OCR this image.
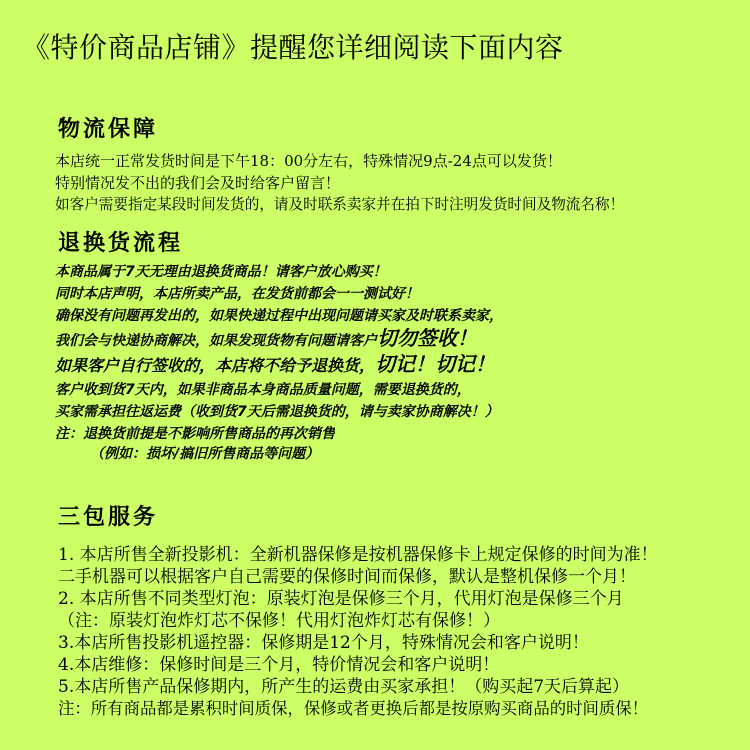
《特价商品店铺》提醒您详细阅读下面内容
物流保障
本店统一正常发货时间是下午18：00分左右，特殊情况9点-24点可以发货！
特别情况发不出的我们会及时给客户留言！
如客户需要指定某段时间发货的，请及时联系卖家并在拍下时注明发货时间及物流名称！
退换货流程
本商品属于7天无理由退换货商品！请客户放心购买！
同时本店声明，本店所卖产品，在发货前都会一一测试好！
确保没有问题再发出的，如果快递过程中出现问题请买家及时联系卖家，
我们会与快递协商解决，如果发现货物有问题请客户切勿签收！
如果客户自行签收的，本店将不给予退换货，切记！切记！
客户收到货7天内，如果非商品本身商品质量问题，需要退换货的，
买家需承担往返运费（收到货7天后需退换货的，请与卖家协商解决！）
注：退换货前提是不影响所售商品的再次销售
（例如：损坏/搞旧所售商品等问题）
三包服务
1. 本店所售全新投影机：全新机器保修是按机器保修卡上规定保修的时间为准！
二手机器可以根据客户自己需要的保修时间而保修，默认是整机保修一个月！
2. 本店所售不同类型灯泡：原装灯泡是保修三个月，代用灯泡是保修三个月
（注：原装灯泡炸灯芯不保修！代用灯泡炸灯芯有保修！）
3.本店所售投影机遥控器：保修期是12个月，特殊情况会和客户说明！
4.本店维修：保修时间是三个月，特价情况会和客户说明！
5.本店所售产品保修期内，所产生的运费由买家承担！（购买起7天后算起）
注：所有商品都是累积时间质保，保修或者更换后都是按原购买商品的时间质保！
